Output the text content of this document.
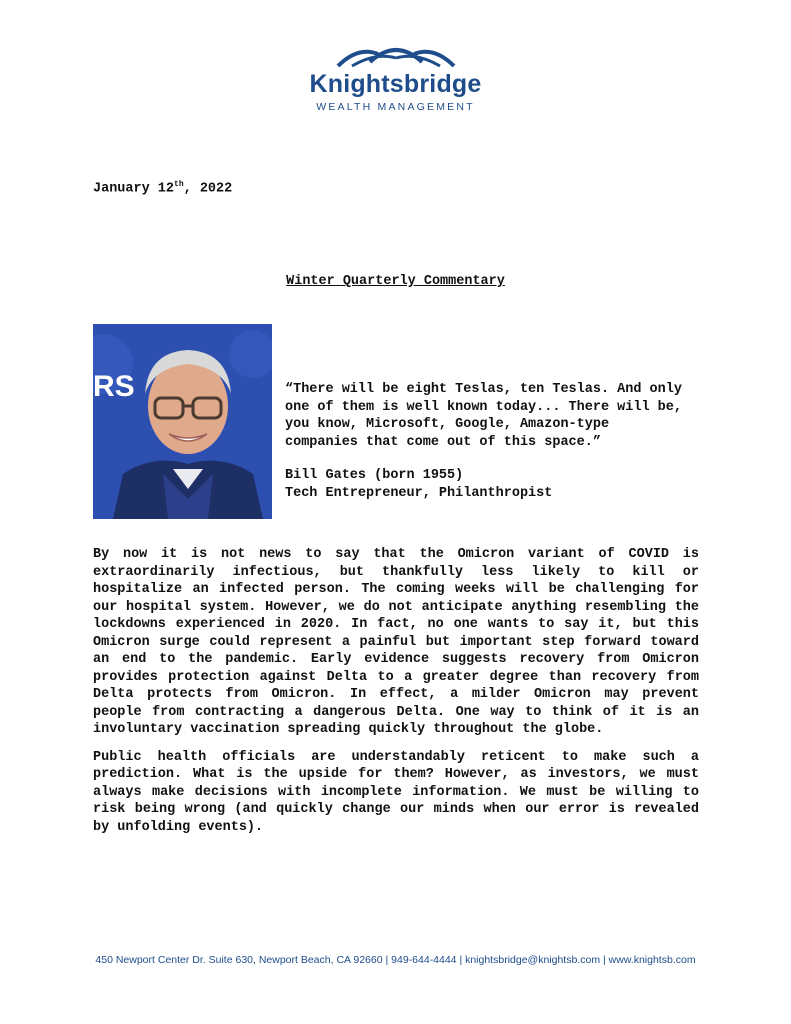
Knightsbridge
WEALTH MANAGEMENT
January 12th, 2022
Winter Quarterly Commentary
RS	“There will be eight Teslas, ten Teslas. And only one of them is well known today... There will be, you know, Microsoft, Google, Amazon-type companies that come out of this space.”
Bill Gates (born 1955)
Tech Entrepreneur, Philanthropist

By now it is not news to say that the Omicron variant of COVID is extraordinarily infectious, but thankfully less likely to kill or hospitalize an infected person. The coming weeks will be challenging for our hospital system. However, we do not anticipate anything resembling the lockdowns experienced in 2020. In fact, no one wants to say it, but this Omicron surge could represent a painful but important step forward toward an end to the pandemic. Early evidence suggests recovery from Omicron provides protection against Delta to a greater degree than recovery from Delta protects from Omicron. In effect, a milder Omicron may prevent people from contracting a dangerous Delta. One way to think of it is an involuntary vaccination spreading quickly throughout the globe.

Public health officials are understandably reticent to make such a prediction. What is the upside for them? However, as investors, we must always make decisions with incomplete information. We must be willing to risk being wrong (and quickly change our minds when our error is revealed by unfolding events).

450 Newport Center Dr. Suite 630, Newport Beach, CA 92660 | 949-644-4444 | knightsbridge@knightsb.com | www.knightsb.com
